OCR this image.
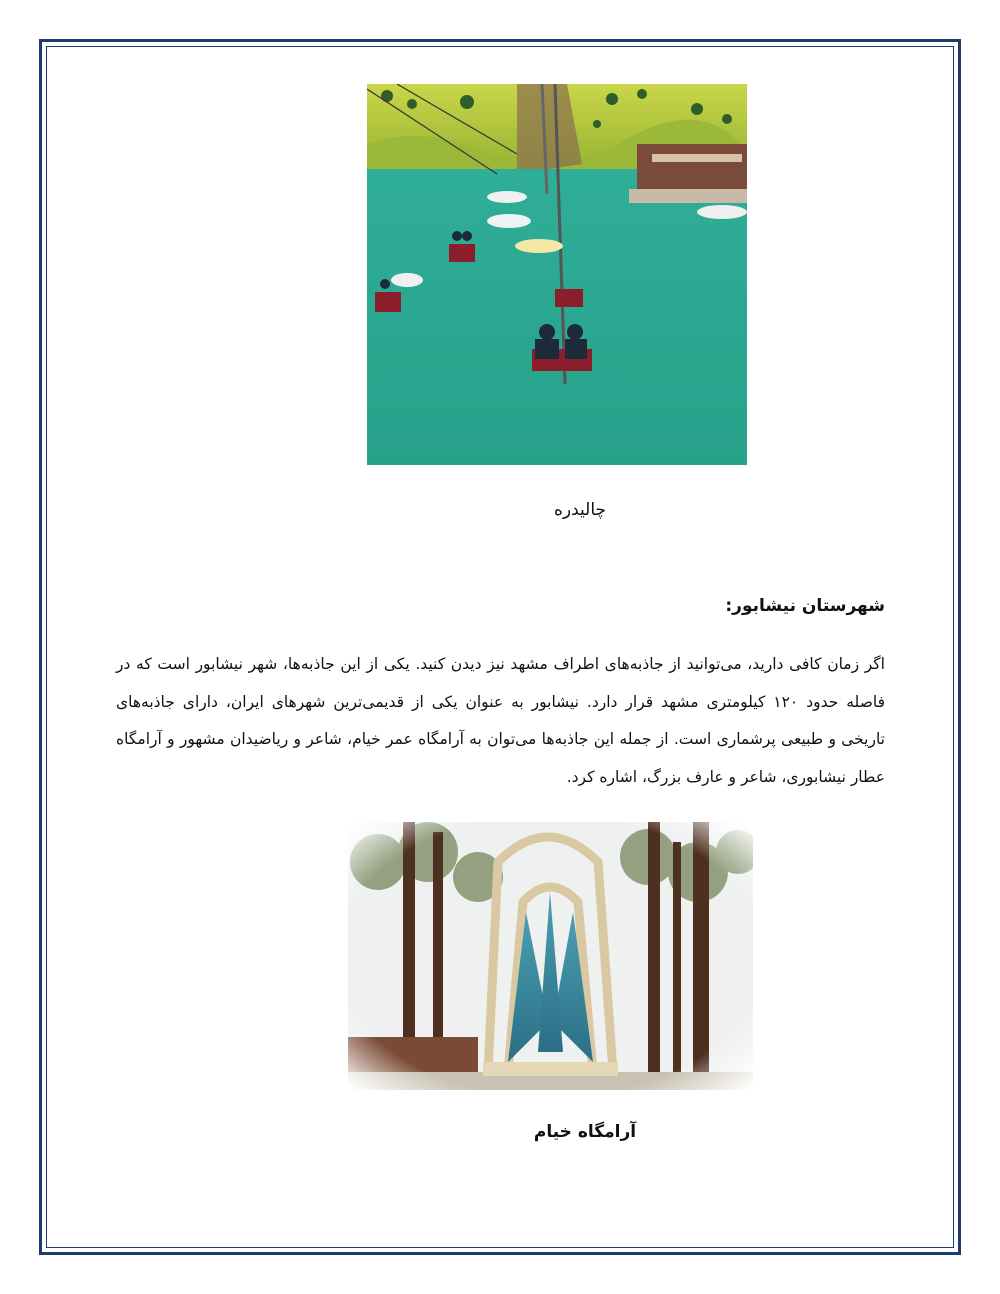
چالیدره
شهرستان نیشابور:
اگر زمان کافی دارید، می‌توانید از جاذبه‌های اطراف مشهد نیز دیدن کنید. یکی از این جاذبه‌ها، شهر نیشابور است که در فاصله حدود ۱۲۰ کیلومتری مشهد قرار دارد. نیشابور به عنوان یکی از قدیمی‌ترین شهرهای ایران، دارای جاذبه‌های تاریخی و طبیعی پرشماری است. از جمله این جاذبه‌ها می‌توان به آرامگاه عمر خیام، شاعر و ریاضیدان مشهور و آرامگاه عطار نیشابوری، شاعر و عارف بزرگ، اشاره کرد.
آرامگاه خیام
